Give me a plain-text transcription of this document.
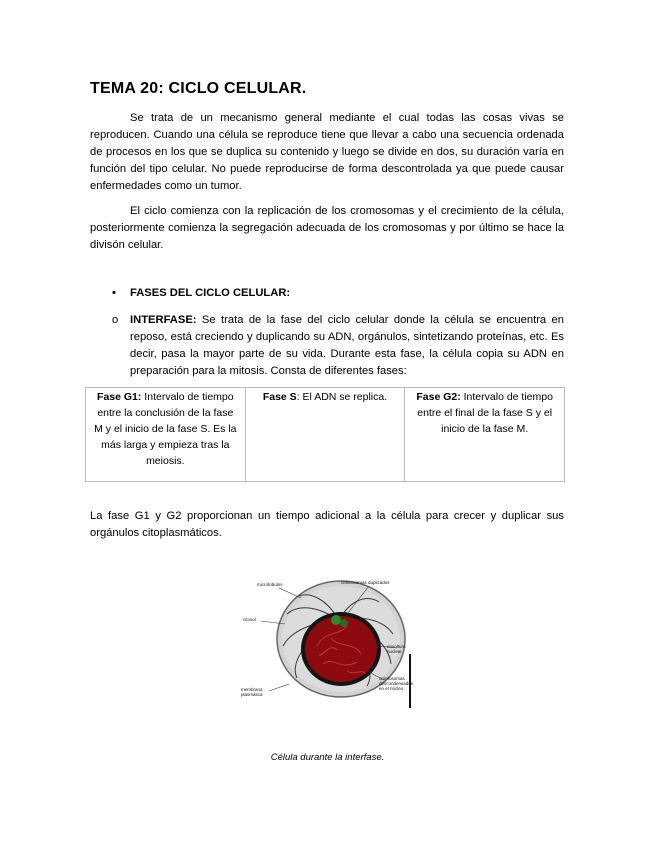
TEMA 20: CICLO CELULAR.

Se trata de un mecanismo general mediante el cual todas las cosas vivas se reproducen. Cuando una célula se reproduce tiene que llevar a cabo una secuencia ordenada de procesos en los que se duplica su contenido y luego se divide en dos, su duración varía en función del tipo celular. No puede reproducirse de forma descontrolada ya que puede causar enfermedades como un tumor.

El ciclo comienza con la replicación de los cromosomas y el crecimiento de la célula, posteriormente comienza la segregación adecuada de los cromosomas y por último se hace la divisón celular.

• FASES DEL CICLO CELULAR:
o INTERFASE: Se trata de la fase del ciclo celular donde la célula se encuentra en reposo, está creciendo y duplicando su ADN, orgánulos, sintetizando proteínas, etc. Es decir, pasa la mayor parte de su vida. Durante esta fase, la célula copia su ADN en preparación para la mitosis. Consta de diferentes fases:
Fase G1: Intervalo de tiempo entre la conclusión de la fase M y el inicio de la fase S. Es la más larga y empieza tras la meiosis.	Fase S: El ADN se replica.	Fase G2: Intervalo de tiempo entre el final de la fase S y el inicio de la fase M.

La fase G1 y G2 proporcionan un tiempo adicional a la célula para crecer y duplicar sus orgánulos citoplasmáticos.

microtúbulos	centrosomas duplicados
citosol
envoltura
nuclear
cromosomas
descondensados
en el núcleo
membrana
plasmática
Célula durante la interfase.
